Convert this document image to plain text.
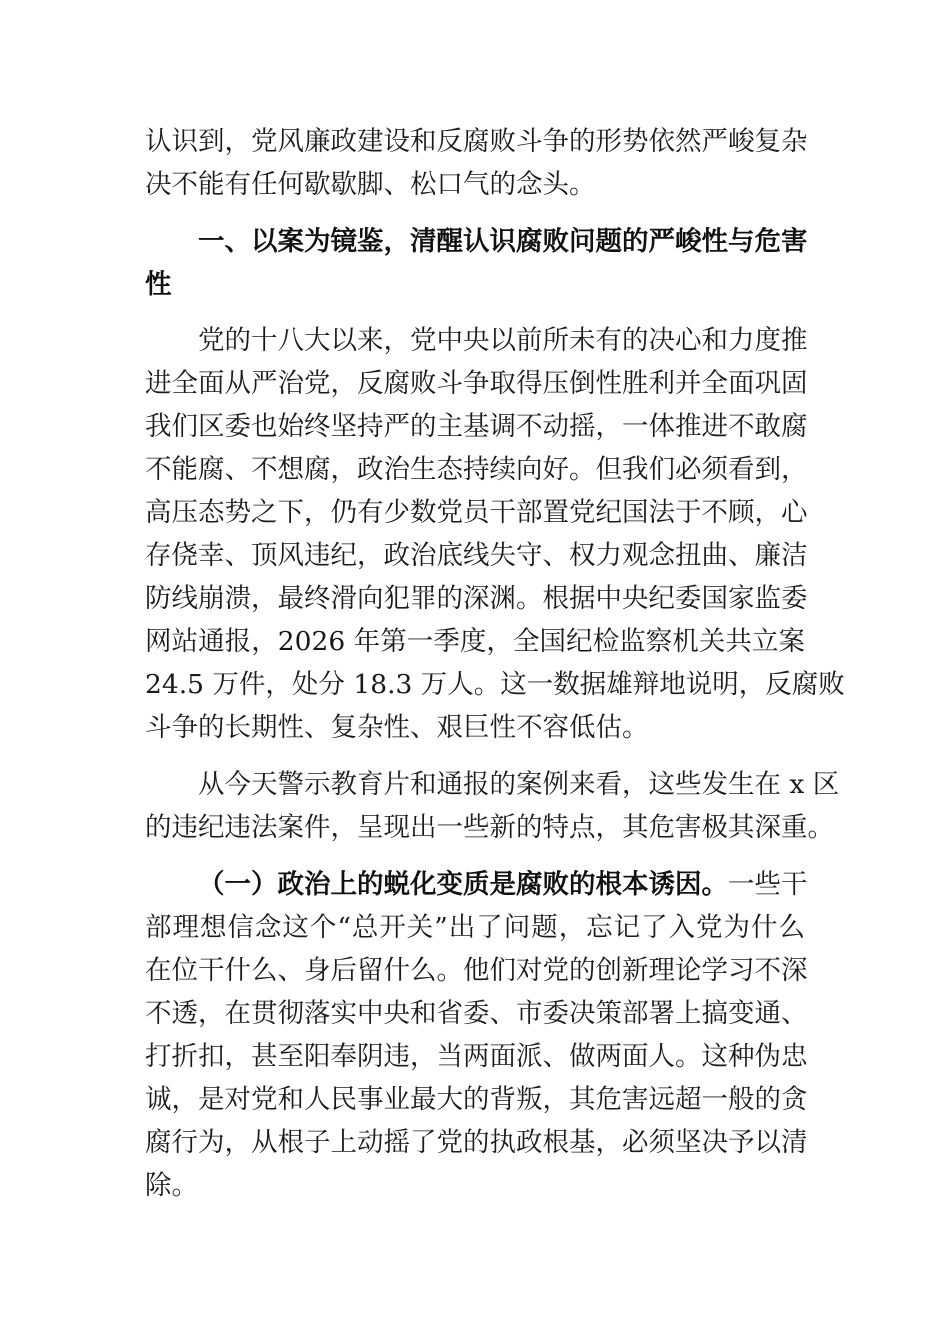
认识到，党风廉政建设和反腐败斗争的形势依然严峻复杂
决不能有任何歇歇脚、松口气的念头。
一、以案为镜鉴，清醒认识腐败问题的严峻性与危害
性
党的十八大以来，党中央以前所未有的决心和力度推
进全面从严治党，反腐败斗争取得压倒性胜利并全面巩固
我们区委也始终坚持严的主基调不动摇，一体推进不敢腐
不能腐、不想腐，政治生态持续向好。但我们必须看到，
高压态势之下，仍有少数党员干部置党纪国法于不顾，心
存侥幸、顶风违纪，政治底线失守、权力观念扭曲、廉洁
防线崩溃，最终滑向犯罪的深渊。根据中央纪委国家监委
网站通报，2026 年第一季度，全国纪检监察机关共立案
24.5 万件，处分 18.3 万人。这一数据雄辩地说明，反腐败
斗争的长期性、复杂性、艰巨性不容低估。
从今天警示教育片和通报的案例来看，这些发生在 x 区
的违纪违法案件，呈现出一些新的特点，其危害极其深重。
（一）政治上的蜕化变质是腐败的根本诱因。一些干
部理想信念这个“总开关”出了问题，忘记了入党为什么
在位干什么、身后留什么。他们对党的创新理论学习不深
不透，在贯彻落实中央和省委、市委决策部署上搞变通、
打折扣，甚至阳奉阴违，当两面派、做两面人。这种伪忠
诚，是对党和人民事业最大的背叛，其危害远超一般的贪
腐行为，从根子上动摇了党的执政根基，必须坚决予以清
除。
